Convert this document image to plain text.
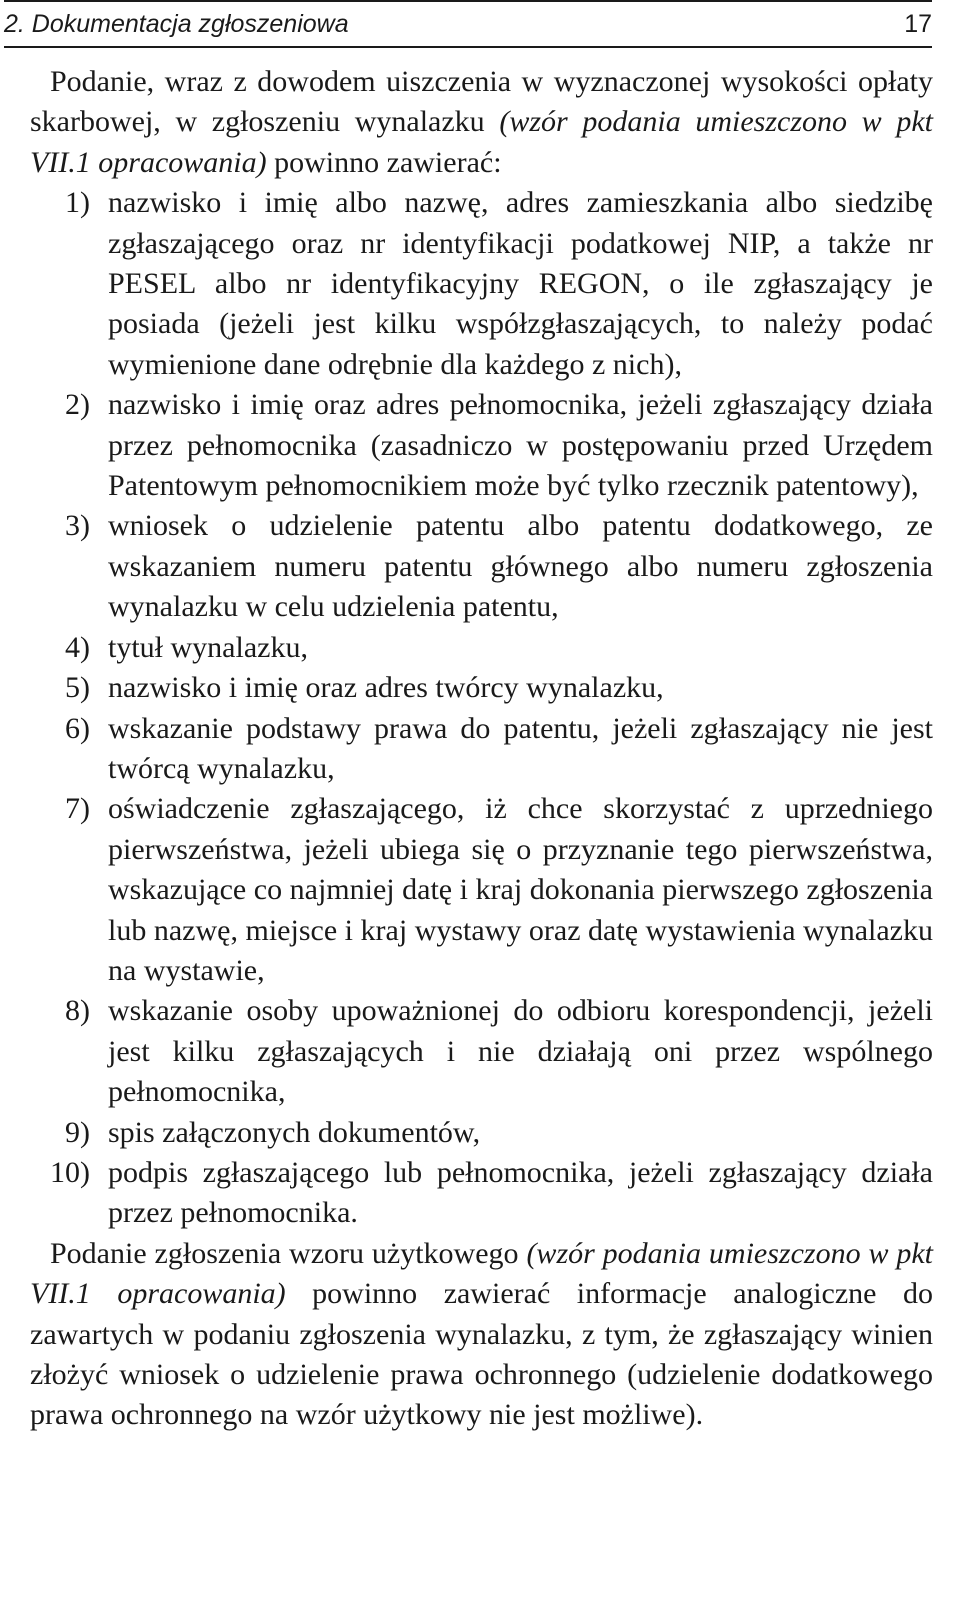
2. Dokumentacja zgłoszeniowa	17

Podanie, wraz z dowodem uiszczenia w wyznaczonej wysokości opłaty skarbowej, w zgłoszeniu wynalazku (wzór podania umieszczono w pkt VII.1 opracowania) powinno zawierać:

1) nazwisko i imię albo nazwę, adres zamieszkania albo siedzibę zgłaszającego oraz nr identyfikacji podatkowej NIP, a także nr PESEL albo nr identyfikacyjny REGON, o ile zgłaszający je posiada (jeżeli jest kilku współzgłaszających, to należy podać wymienione dane odrębnie dla każdego z nich),
2) nazwisko i imię oraz adres pełnomocnika, jeżeli zgłaszający działa przez pełnomocnika (zasadniczo w postępowaniu przed Urzędem Patentowym pełnomocnikiem może być tylko rzecznik patentowy),
3) wniosek o udzielenie patentu albo patentu dodatkowego, ze wskazaniem numeru patentu głównego albo numeru zgłoszenia wynalazku w celu udzielenia patentu,
4) tytuł wynalazku,
5) nazwisko i imię oraz adres twórcy wynalazku,
6) wskazanie podstawy prawa do patentu, jeżeli zgłaszający nie jest twórcą wynalazku,
7) oświadczenie zgłaszającego, iż chce skorzystać z uprzedniego pierwszeństwa, jeżeli ubiega się o przyznanie tego pierwszeństwa, wskazujące co najmniej datę i kraj dokonania pierwszego zgłoszenia lub nazwę, miejsce i kraj wystawy oraz datę wystawienia wynalazku na wystawie,
8) wskazanie osoby upoważnionej do odbioru korespondencji, jeżeli jest kilku zgłaszających i nie działają oni przez wspólnego pełnomocnika,
9) spis załączonych dokumentów,
10) podpis zgłaszającego lub pełnomocnika, jeżeli zgłaszający działa przez pełnomocnika.

Podanie zgłoszenia wzoru użytkowego (wzór podania umieszczono w pkt VII.1 opracowania) powinno zawierać informacje analogiczne do zawartych w podaniu zgłoszenia wynalazku, z tym, że zgłaszający winien złożyć wniosek o udzielenie prawa ochronnego (udzielenie dodatkowego prawa ochronnego na wzór użytkowy nie jest możliwe).
